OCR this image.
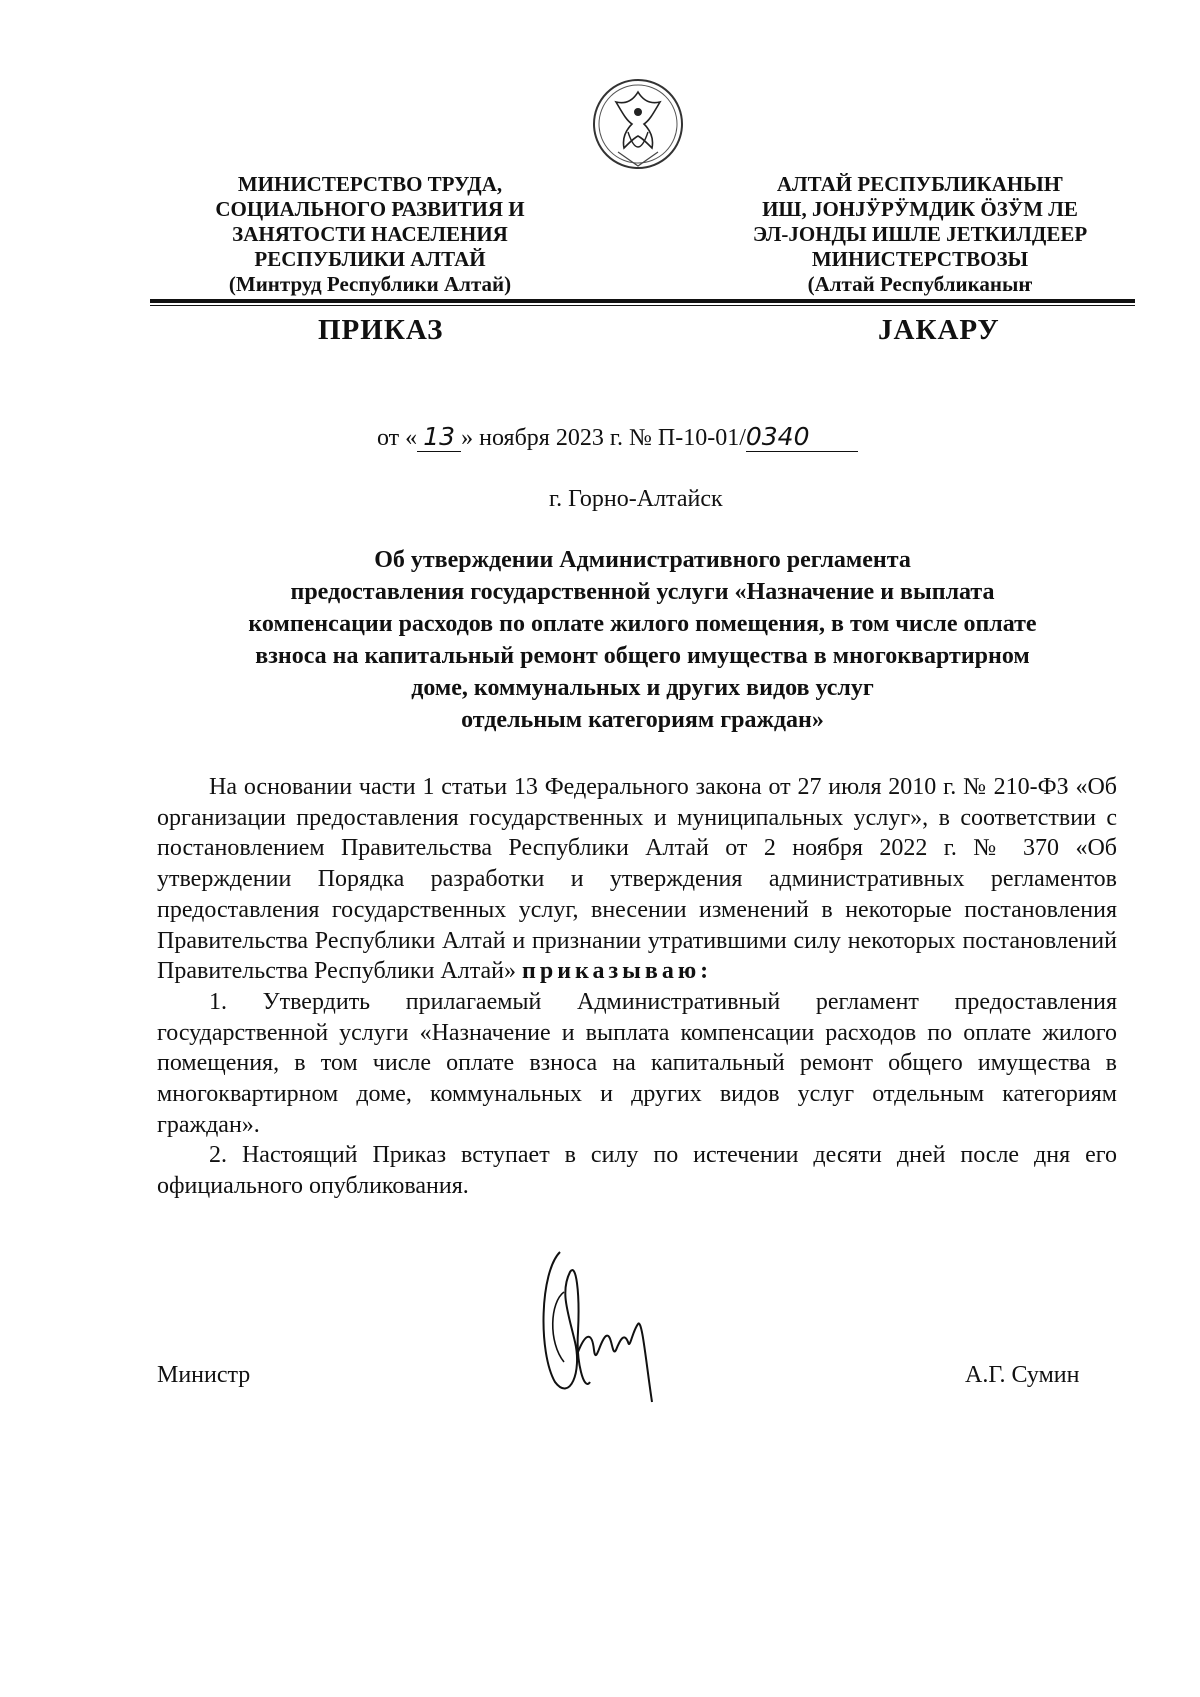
МИНИСТЕРСТВО ТРУДА,
СОЦИАЛЬНОГО РАЗВИТИЯ И
ЗАНЯТОСТИ НАСЕЛЕНИЯ
РЕСПУБЛИКИ АЛТАЙ
(Минтруд Республики Алтай)
АЛТАЙ РЕСПУБЛИКАНЫҤ
ИШ, ЈОНЈӰРӰМДИК ÖЗӰМ ЛЕ
ЭЛ-ЈОНДЫ ИШЛЕ ЈЕТКИЛДЕЕР
МИНИСТЕРСТВОЗЫ
(Алтай Республиканыҥ
ПРИКАЗ	ЈАКАРУ
от « 13 » ноября 2023 г. № П-10-01/0340
г. Горно-Алтайск
Об утверждении Административного регламента
предоставления государственной услуги «Назначение и выплата
компенсации расходов по оплате жилого помещения, в том числе оплате
взноса на капитальный ремонт общего имущества в многоквартирном
доме, коммунальных и других видов услуг
отдельным категориям граждан»

На основании части 1 статьи 13 Федерального закона от 27 июля 2010 г. № 210-ФЗ «Об организации предоставления государственных и муниципальных услуг», в соответствии с постановлением Правительства Республики Алтай от 2 ноября 2022 г. № 370 «Об утверждении Порядка разработки и утверждения административных регламентов предоставления государственных услуг, внесении изменений в некоторые постановления Правительства Республики Алтай и признании утратившими силу некоторых постановлений Правительства Республики Алтай» приказываю:

1. Утвердить прилагаемый Административный регламент предоставления государственной услуги «Назначение и выплата компенсации расходов по оплате жилого помещения, в том числе оплате взноса на капитальный ремонт общего имущества в многоквартирном доме, коммунальных и других видов услуг отдельным категориям граждан».

2. Настоящий Приказ вступает в силу по истечении десяти дней после дня его официального опубликования.

Министр	А.Г. Сумин
